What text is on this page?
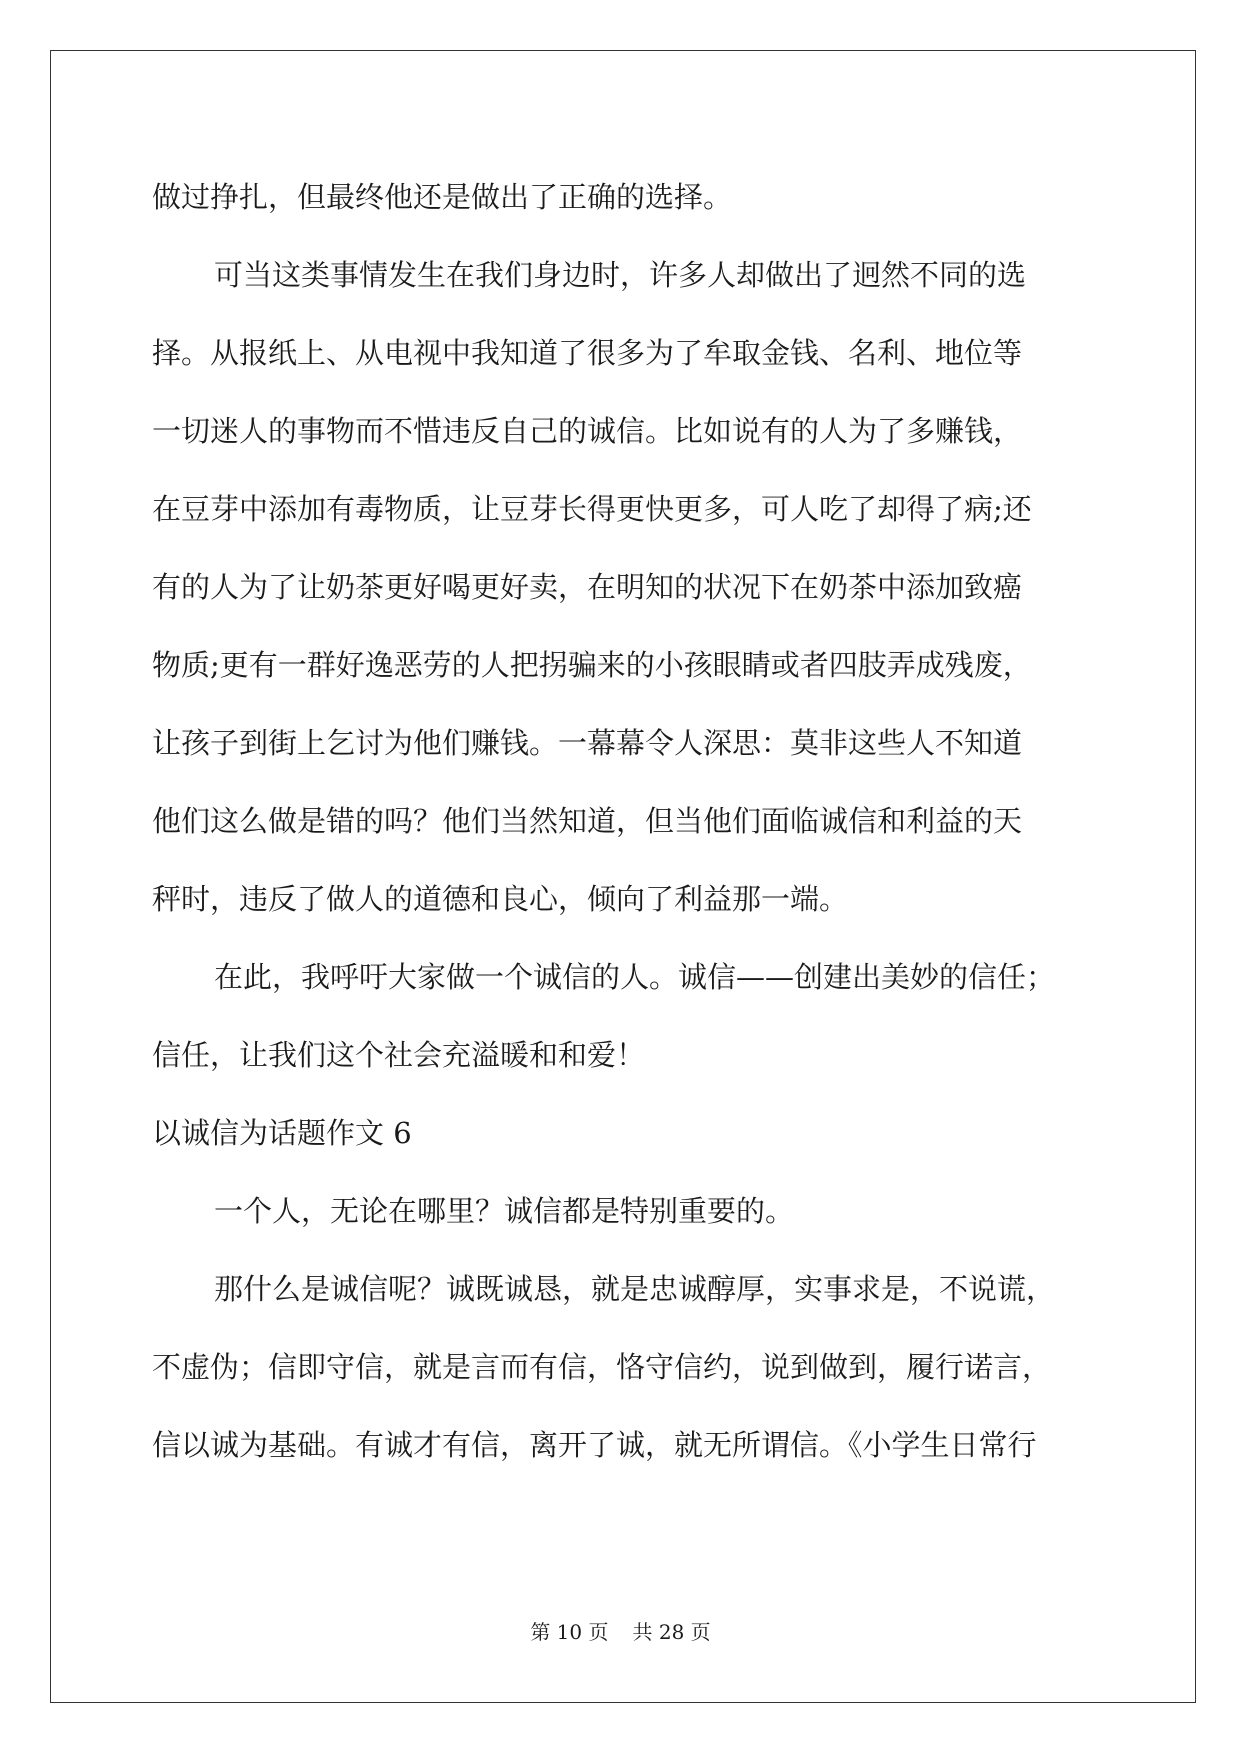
做过挣扎，但最终他还是做出了正确的选择。
可当这类事情发生在我们身边时，许多人却做出了迥然不同的选
择。从报纸上、从电视中我知道了很多为了牟取金钱、名利、地位等
一切迷人的事物而不惜违反自己的诚信。比如说有的人为了多赚钱，
在豆芽中添加有毒物质，让豆芽长得更快更多，可人吃了却得了病;还
有的人为了让奶茶更好喝更好卖，在明知的状况下在奶茶中添加致癌
物质;更有一群好逸恶劳的人把拐骗来的小孩眼睛或者四肢弄成残废，
让孩子到街上乞讨为他们赚钱。一幕幕令人深思：莫非这些人不知道
他们这么做是错的吗？他们当然知道，但当他们面临诚信和利益的天
秤时，违反了做人的道德和良心，倾向了利益那一端。
在此，我呼吁大家做一个诚信的人。诚信——创建出美妙的信任；
信任，让我们这个社会充溢暖和和爱！
以诚信为话题作文 6
一个人，无论在哪里？诚信都是特别重要的。
那什么是诚信呢？诚既诚恳，就是忠诚醇厚，实事求是，不说谎，
不虚伪；信即守信，就是言而有信，恪守信约，说到做到，履行诺言，
信以诚为基础。有诚才有信，离开了诚，就无所谓信。《小学生日常行
第 10 页 共 28 页
